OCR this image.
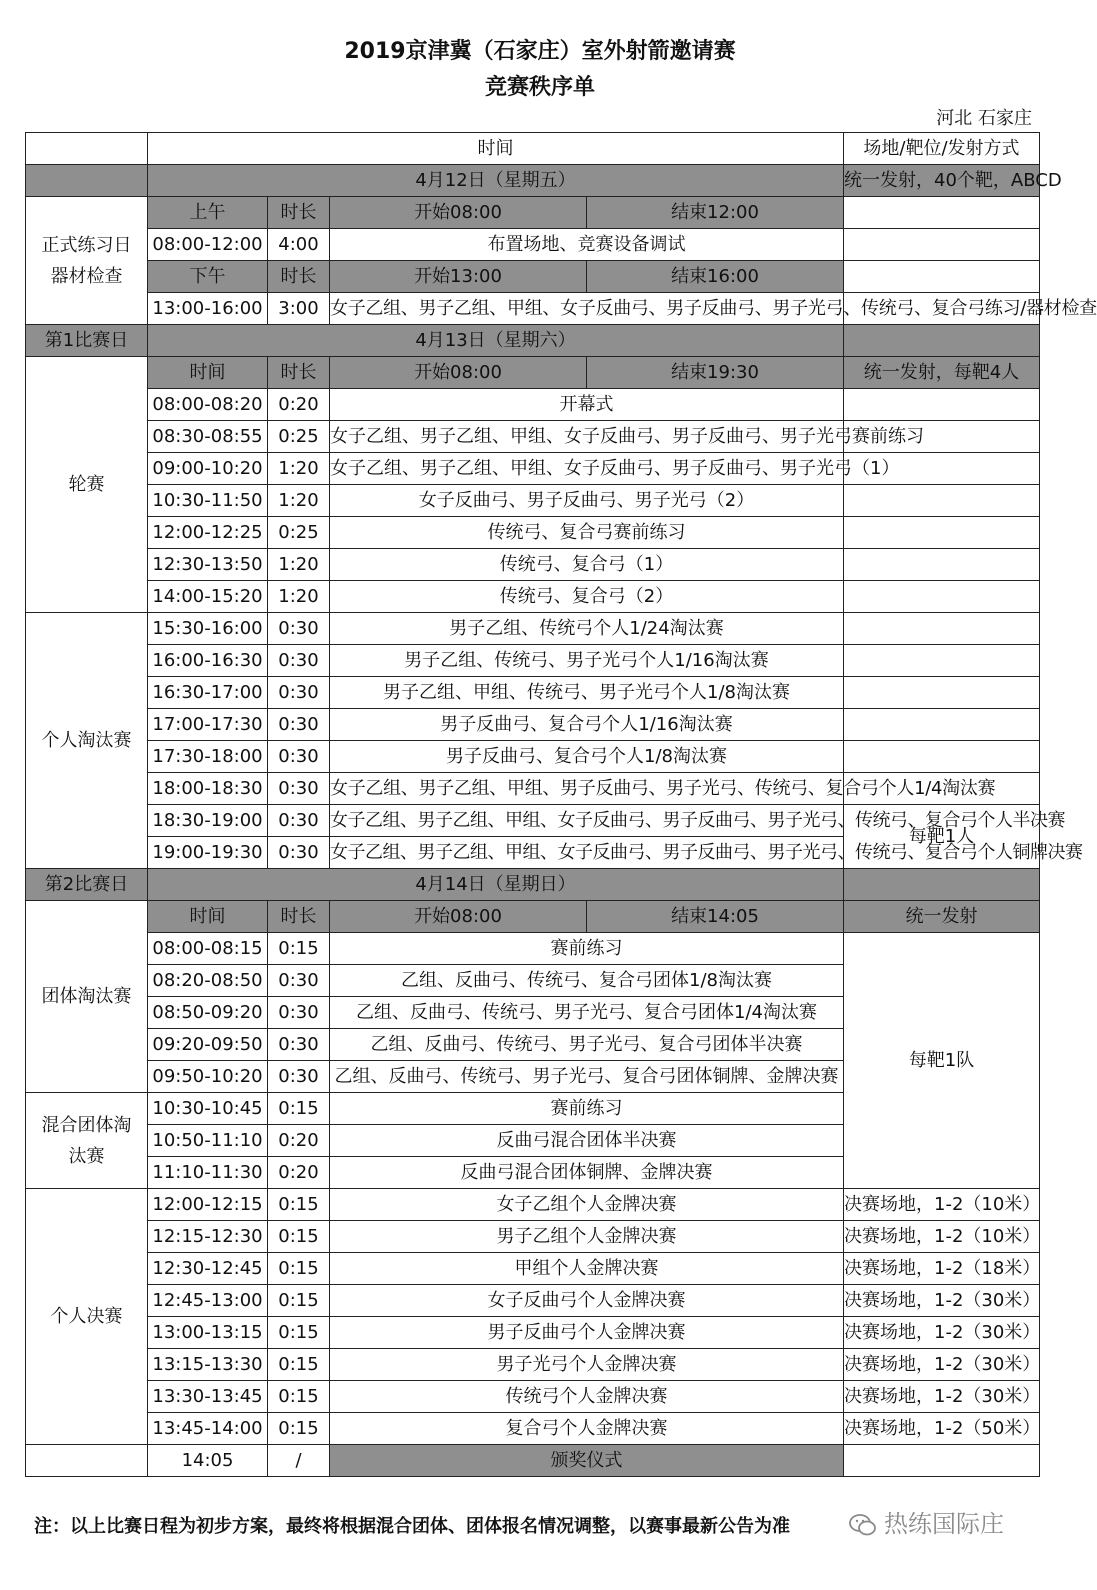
2019京津冀（石家庄）室外射箭邀请赛
竞赛秩序单
河北 石家庄
	时间				场地/靶位/发射方式
	4月12日（星期五）				统一发射，40个靶，ABCD

正式练习日器材检查	上午	时长	开始08:00	结束12:00	
	08:00-12:00	4:00	布置场地、竞赛设备调试		
	下午	时长	开始13:00	结束16:00	
	13:00-16:00	3:00	女子乙组、男子乙组、甲组、女子反曲弓、男子反曲弓、男子光弓、传统弓、复合弓练习/器材检查		
第1比赛日	4月13日（星期六）				
轮赛	时间	时长	开始08:00	结束19:30	统一发射，每靶4人
	08:00-08:20	0:20	开幕式		
	08:30-08:55	0:25	女子乙组、男子乙组、甲组、女子反曲弓、男子反曲弓、男子光弓赛前练习		
	09:00-10:20	1:20	女子乙组、男子乙组、甲组、女子反曲弓、男子反曲弓、男子光弓（1）		
	10:30-11:50	1:20	女子反曲弓、男子反曲弓、男子光弓（2）		
	12:00-12:25	0:25	传统弓、复合弓赛前练习		
	12:30-13:50	1:20	传统弓、复合弓（1）		
	14:00-15:20	1:20	传统弓、复合弓（2）		
个人淘汰赛	15:30-16:00	0:30	男子乙组、传统弓个人1/24淘汰赛		
	16:00-16:30	0:30	男子乙组、传统弓、男子光弓个人1/16淘汰赛		
	16:30-17:00	0:30	男子乙组、甲组、传统弓、男子光弓个人1/8淘汰赛		
	17:00-17:30	0:30	男子反曲弓、复合弓个人1/16淘汰赛		
	17:30-18:00	0:30	男子反曲弓、复合弓个人1/8淘汰赛		
	18:00-18:30	0:30	女子乙组、男子乙组、甲组、男子反曲弓、男子光弓、传统弓、复合弓个人1/4淘汰赛		
	18:30-19:00	0:30	女子乙组、男子乙组、甲组、女子反曲弓、男子反曲弓、男子光弓、传统弓、复合弓个人半决赛		每靶1人
	19:00-19:30	0:30	女子乙组、男子乙组、甲组、女子反曲弓、男子反曲弓、男子光弓、传统弓、复合弓个人铜牌决赛		
第2比赛日	4月14日（星期日）				
团体淘汰赛	时间	时长	开始08:00	结束14:05	统一发射
	08:00-08:15	0:15	赛前练习		每靶1队
	08:20-08:50	0:30	乙组、反曲弓、传统弓、复合弓团体1/8淘汰赛		
	08:50-09:20	0:30	乙组、反曲弓、传统弓、男子光弓、复合弓团体1/4淘汰赛		
	09:20-09:50	0:30	乙组、反曲弓、传统弓、男子光弓、复合弓团体半决赛		
	09:50-10:20	0:30	乙组、反曲弓、传统弓、男子光弓、复合弓团体铜牌、金牌决赛		

混合团体淘汰赛	10:30-10:45	0:15	赛前练习		
	10:50-11:10	0:20	反曲弓混合团体半决赛		
	11:10-11:30	0:20	反曲弓混合团体铜牌、金牌决赛		
个人决赛	12:00-12:15	0:15	女子乙组个人金牌决赛		决赛场地，1-2（10米）
	12:15-12:30	0:15	男子乙组个人金牌决赛		决赛场地，1-2（10米）
	12:30-12:45	0:15	甲组个人金牌决赛		决赛场地，1-2（18米）
	12:45-13:00	0:15	女子反曲弓个人金牌决赛		决赛场地，1-2（30米）
	13:00-13:15	0:15	男子反曲弓个人金牌决赛		决赛场地，1-2（30米）
	13:15-13:30	0:15	男子光弓个人金牌决赛		决赛场地，1-2（30米）
	13:30-13:45	0:15	传统弓个人金牌决赛		决赛场地，1-2（30米）
	13:45-14:00	0:15	复合弓个人金牌决赛		决赛场地，1-2（50米）
	14:05	/	颁奖仪式		
注：以上比赛日程为初步方案，最终将根据混合团体、团体报名情况调整，以赛事最新公告为准	热练国际庄
